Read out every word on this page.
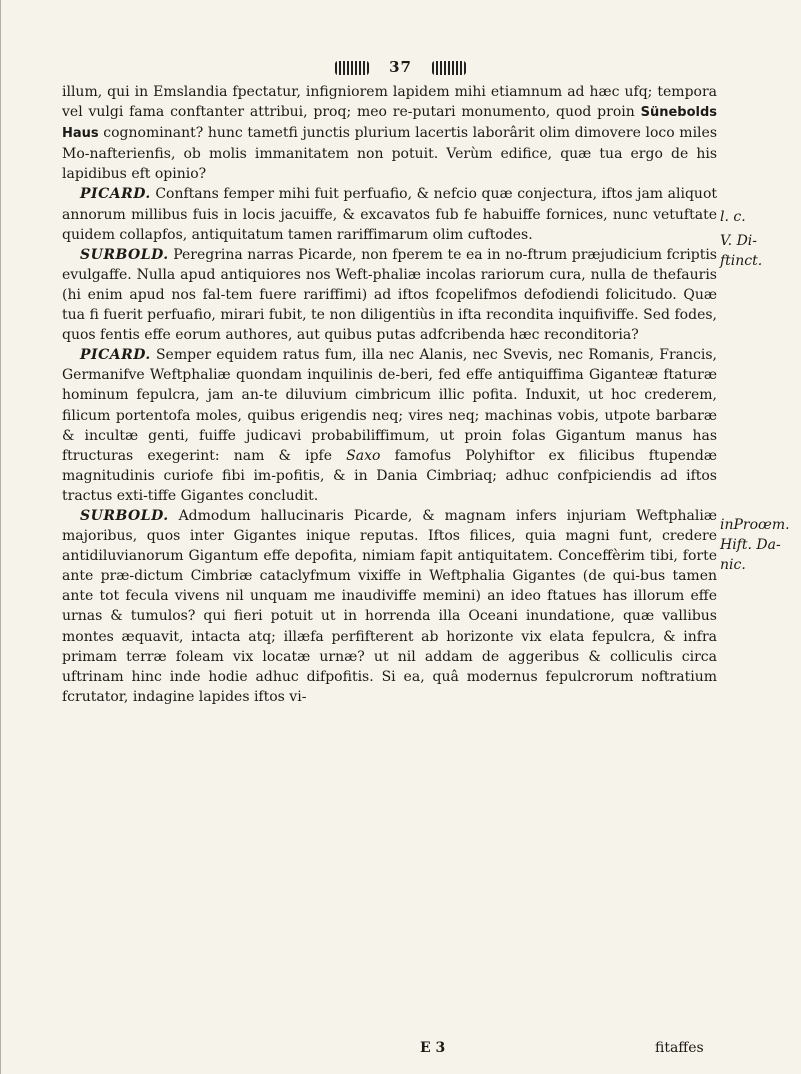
37

illum, qui in Emslandia fpectatur, infigniorem lapidem mihi etiamnum ad hæc ufq; tempora vel vulgi fama conftanter attribui, proq; meo re-putari monumento, quod proin Sünebolds Haus cognominant? hunc tametfi junctis plurium lacertis laborârit olim dimovere loco miles Mo-nafterienfis, ob molis immanitatem non potuit. Verùm edifice, quæ tua ergo de his lapidibus eft opinio?

PICARD. Conftans femper mihi fuit perfuafio, & nefcio quæ conjectura, iftos jam aliquot annorum millibus fuis in locis jacuiffe, & excavatos fub fe habuiffe fornices, nunc vetuftate quidem collapfos, antiquitatum tamen rariffimarum olim cuftodes.

SURBOLD. Peregrina narras Picarde, non fperem te ea in no-ftrum præjudicium fcriptis evulgaffe. Nulla apud antiquiores nos Weft-phaliæ incolas rariorum cura, nulla de thefauris (hi enim apud nos fal-tem fuere rariffimi) ad iftos fcopelifmos defodiendi folicitudo. Quæ tua fi fuerit perfuafio, mirari fubit, te non diligentiùs in ifta recondita inquifiviffe. Sed fodes, quos fentis effe eorum authores, aut quibus putas adfcribenda hæc reconditoria?

PICARD. Semper equidem ratus fum, illa nec Alanis, nec Svevis, nec Romanis, Francis, Germanifve Weftphaliæ quondam inquilinis de-beri, fed effe antiquiffima Giganteæ ftaturæ hominum fepulcra, jam an-te diluvium cimbricum illic pofita. Induxit, ut hoc crederem, filicum portentofa moles, quibus erigendis neq; vires neq; machinas vobis, utpote barbaræ & incultæ genti, fuiffe judicavi probabiliffimum, ut proin folas Gigantum manus has ftructuras exegerint: nam & ipfe Saxo famofus Polyhiftor ex filicibus ftupendæ magnitudinis curiofe fibi im-pofitis, & in Dania Cimbriaq; adhuc confpiciendis ad iftos tractus exti-tiffe Gigantes concludit.

SURBOLD. Admodum hallucinaris Picarde, & magnam infers injuriam Weftphaliæ majoribus, quos inter Gigantes inique reputas. Iftos filices, quia magni funt, credere antidiluvianorum Gigantum effe depofita, nimiam fapit antiquitatem. Conceffèrim tibi, forte ante præ-dictum Cimbriæ cataclyfmum vixiffe in Weftphalia Gigantes (de qui-bus tamen ante tot fecula vivens nil unquam me inaudiviffe memini) an ideo ftatues has illorum effe urnas & tumulos? qui fieri potuit ut in horrenda illa Oceani inundatione, quæ vallibus montes æquavit, intacta atq; illæfa perfifterent ab horizonte vix elata fepulcra, & infra primam terræ foleam vix locatæ urnæ? ut nil addam de aggeribus & colliculis circa uftrinam hinc inde hodie adhuc difpofitis. Si ea, quâ modernus fepulcrorum noftratium fcrutator, indagine lapides iftos vi-

l. c.
V. Di-
ftinct.
inProœm.
Hift. Da-
nic.
E 3	fitaffes
